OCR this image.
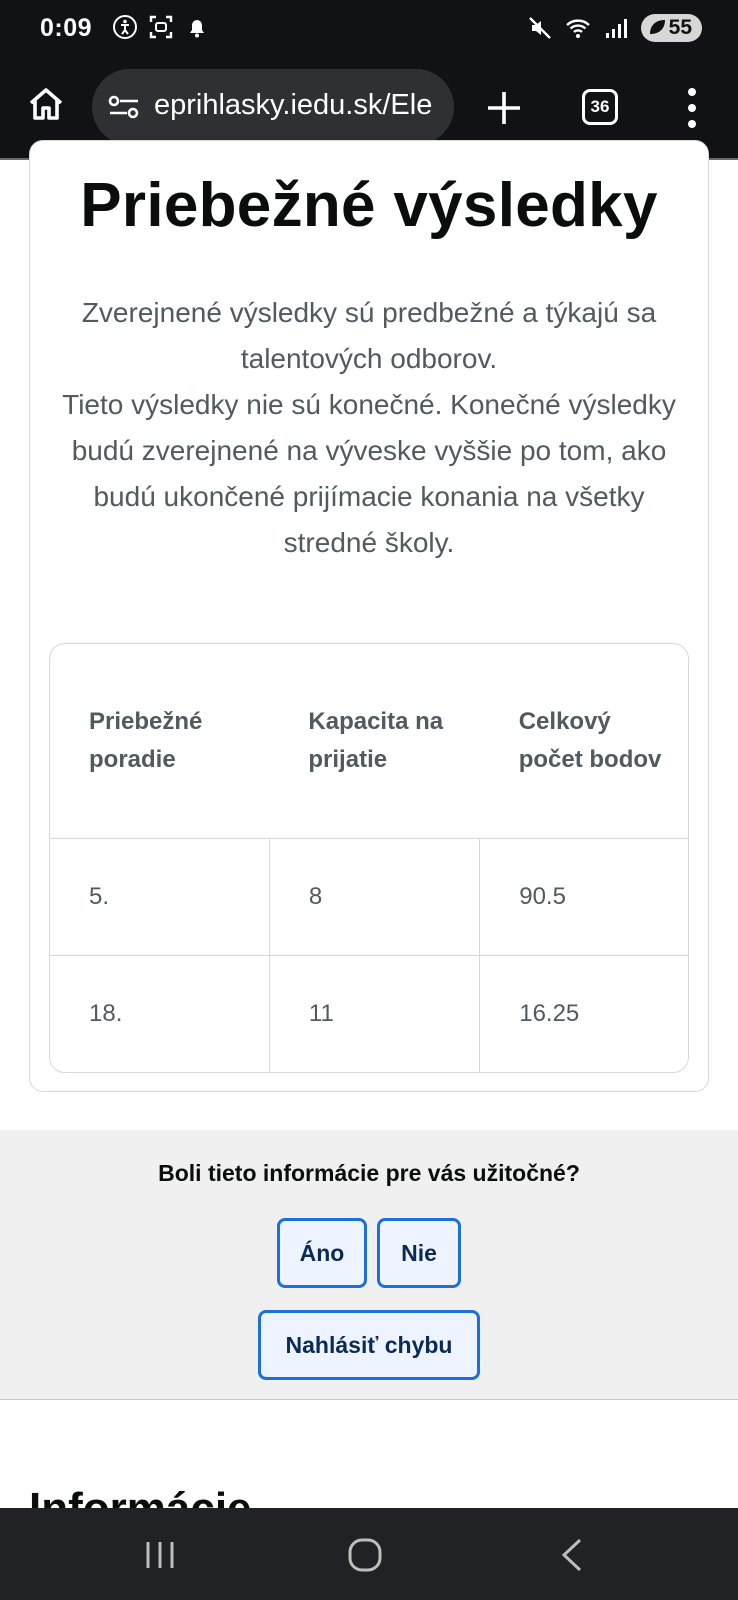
0:09	55
eprihlasky.iedu.sk/Ele	36
Priebežné výsledky

Zverejnené výsledky sú predbežné a týkajú sa talentových odborov.

Tieto výsledky nie sú konečné. Konečné výsledky budú zverejnené na výveske vyššie po tom, ako budú ukončené prijímacie konania na všetky stredné školy.

Priebežné poradie	Kapacita na prijatie	Celkový počet bodov
5.	8	90.5
18.	11	16.25
Boli tieto informácie pre vás užitočné?
Áno	Nie
Nahlásiť chybu
